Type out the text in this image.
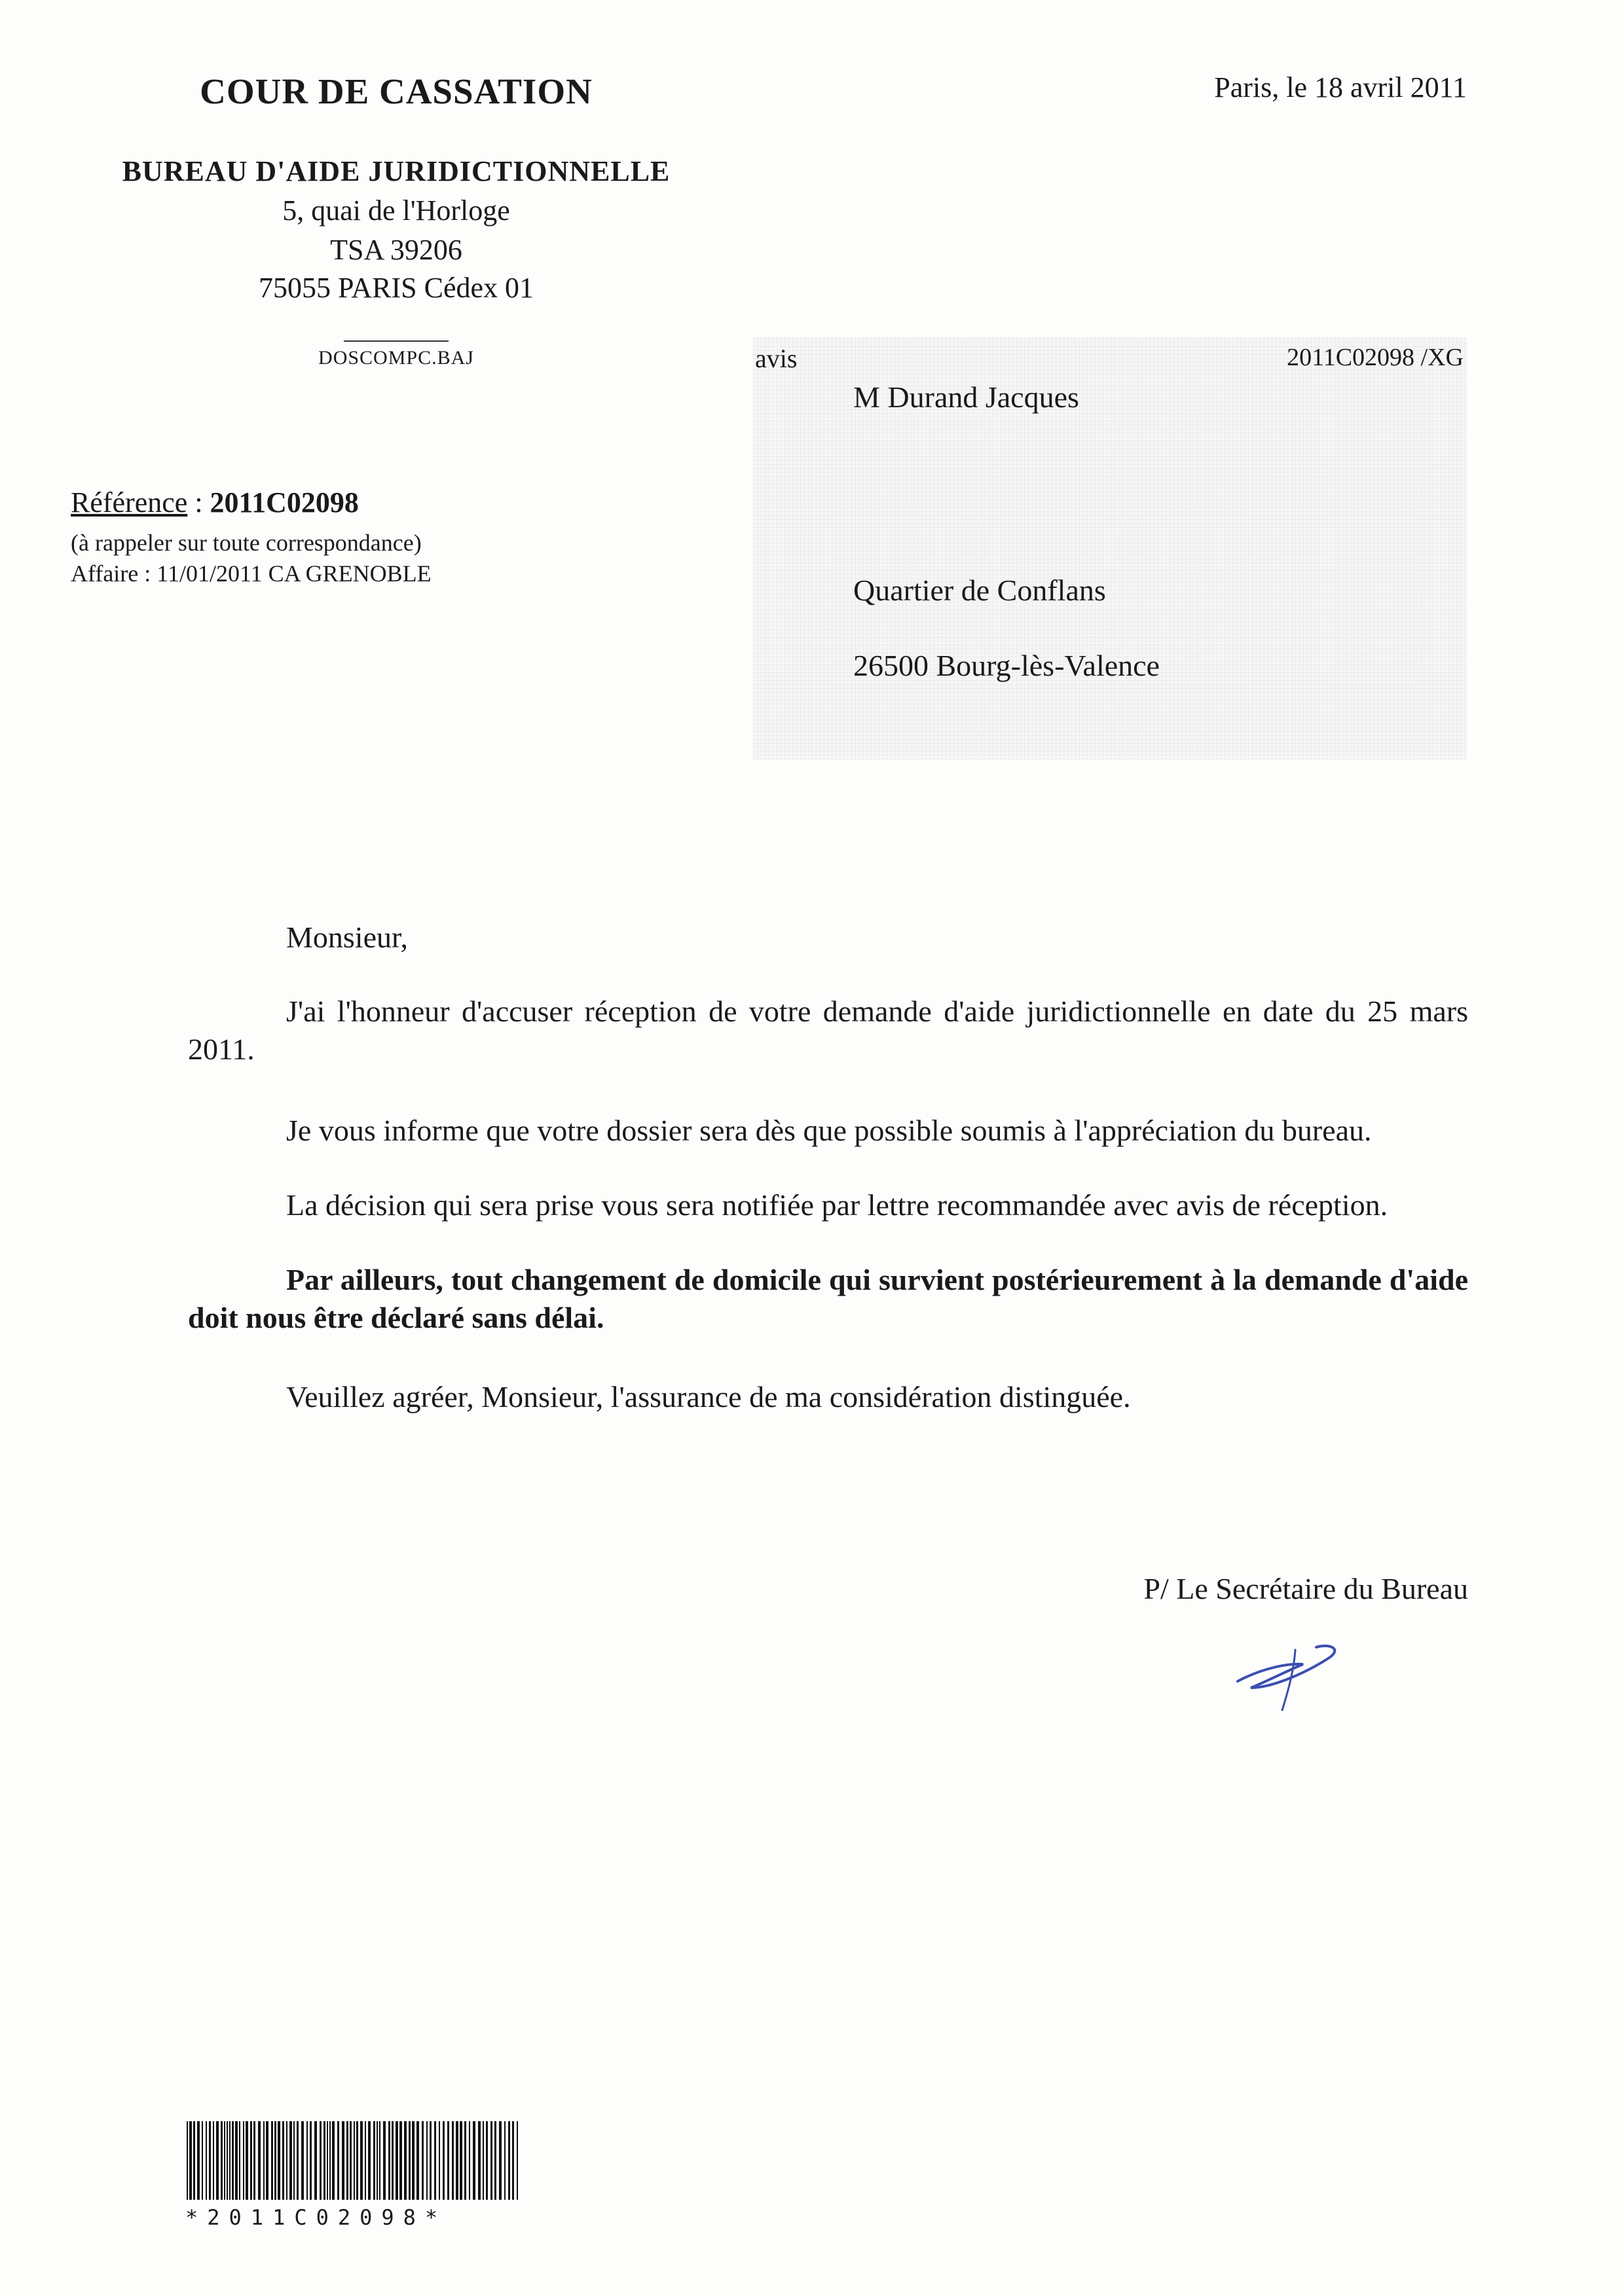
COUR DE CASSATION
BUREAU D'AIDE JURIDICTIONNELLE
5, quai de l'Horloge
TSA 39206
75055 PARIS Cédex 01
DOSCOMPC.BAJ
Paris, le 18 avril 2011
Référence : 2011C02098
(à rappeler sur toute correspondance)
Affaire : 11/01/2011 CA GRENOBLE
avis	2011C02098 /XG
M Durand Jacques
Quartier de Conflans
26500 Bourg-lès-Valence
Monsieur,
J'ai l'honneur d'accuser réception de votre demande d'aide juridictionnelle en date du 25 mars 2011.
Je vous informe que votre dossier sera dès que possible soumis à l'appréciation du bureau.
La décision qui sera prise vous sera notifiée par lettre recommandée avec avis de réception.
Par ailleurs, tout changement de domicile qui survient postérieurement à la demande d'aide doit nous être déclaré sans délai.
Veuillez agréer, Monsieur, l'assurance de ma considération distinguée.
P/ Le Secrétaire du Bureau
*2011C02098*
